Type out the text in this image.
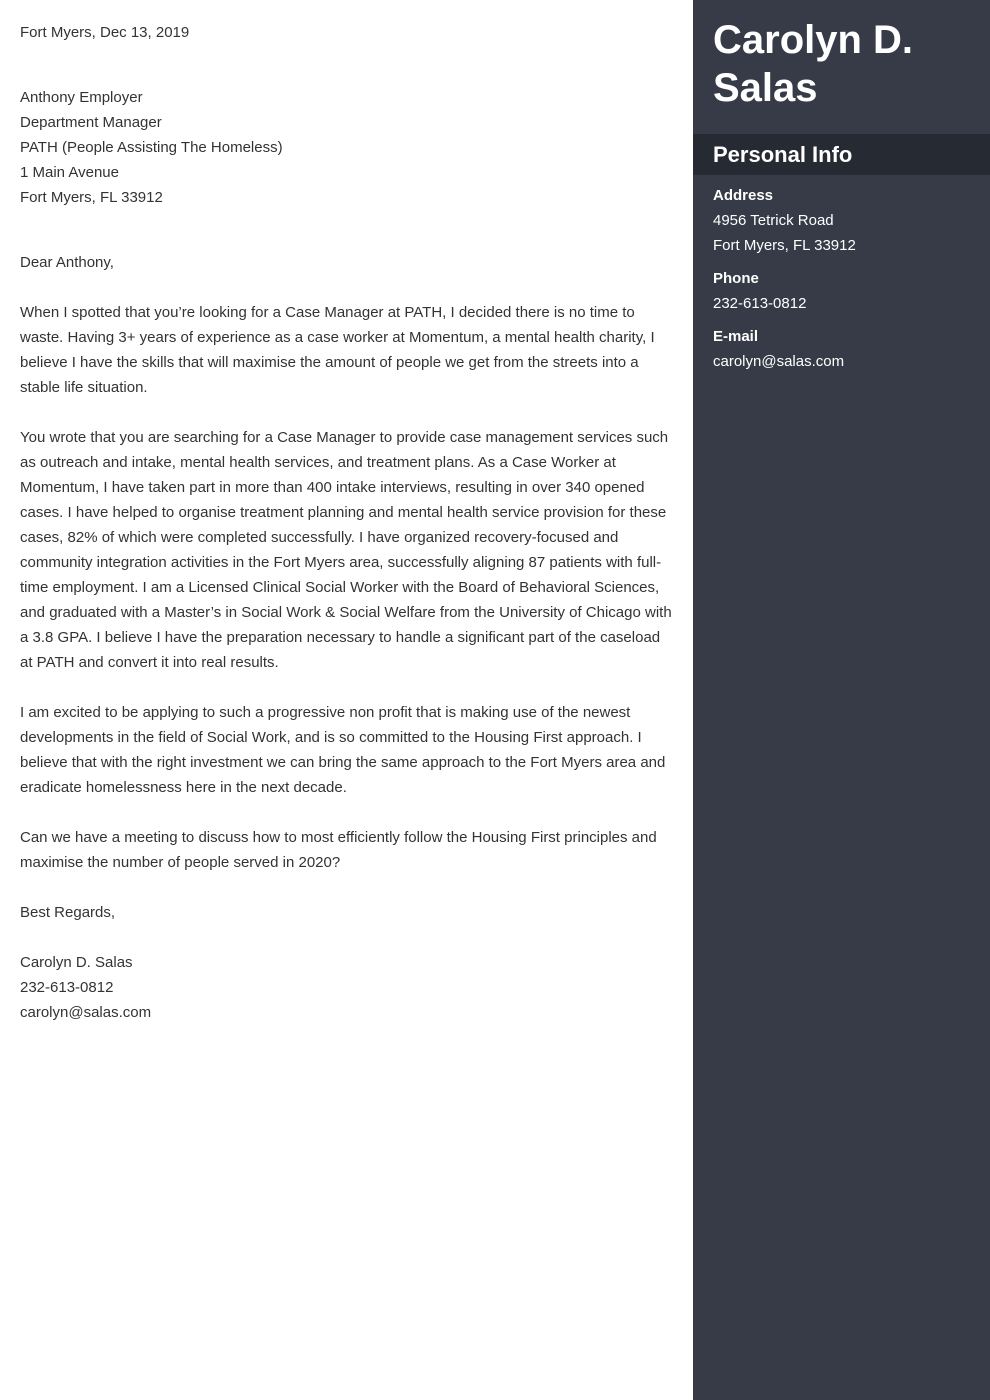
Fort Myers, Dec 13, 2019

Anthony Employer
Department Manager
PATH (People Assisting The Homeless)
1 Main Avenue
Fort Myers, FL 33912

Dear Anthony,

When I spotted that you’re looking for a Case Manager at PATH, I decided there is no time to waste. Having 3+ years of experience as a case worker at Momentum, a mental health charity, I believe I have the skills that will maximise the amount of people we get from the streets into a stable life situation.

You wrote that you are searching for a Case Manager to provide case management services such as outreach and intake, mental health services, and treatment plans. As a Case Worker at Momentum, I have taken part in more than 400 intake interviews, resulting in over 340 opened cases. I have helped to organise treatment planning and mental health service provision for these cases, 82% of which were completed successfully. I have organized recovery-focused and community integration activities in the Fort Myers area, successfully aligning 87 patients with full-time employment. I am a Licensed Clinical Social Worker with the Board of Behavioral Sciences, and graduated with a Master’s in Social Work & Social Welfare from the University of Chicago with a 3.8 GPA. I believe I have the preparation necessary to handle a significant part of the caseload at PATH and convert it into real results.

I am excited to be applying to such a progressive non profit that is making use of the newest developments in the field of Social Work, and is so committed to the Housing First approach. I believe that with the right investment we can bring the same approach to the Fort Myers area and eradicate homelessness here in the next decade.

Can we have a meeting to discuss how to most efficiently follow the Housing First principles and maximise the number of people served in 2020?

Best Regards,

Carolyn D. Salas
232-613-0812
carolyn@salas.com
Carolyn D. Salas
Personal Info
Address
4956 Tetrick Road
Fort Myers, FL 33912
Phone
232-613-0812
E-mail
carolyn@salas.com
